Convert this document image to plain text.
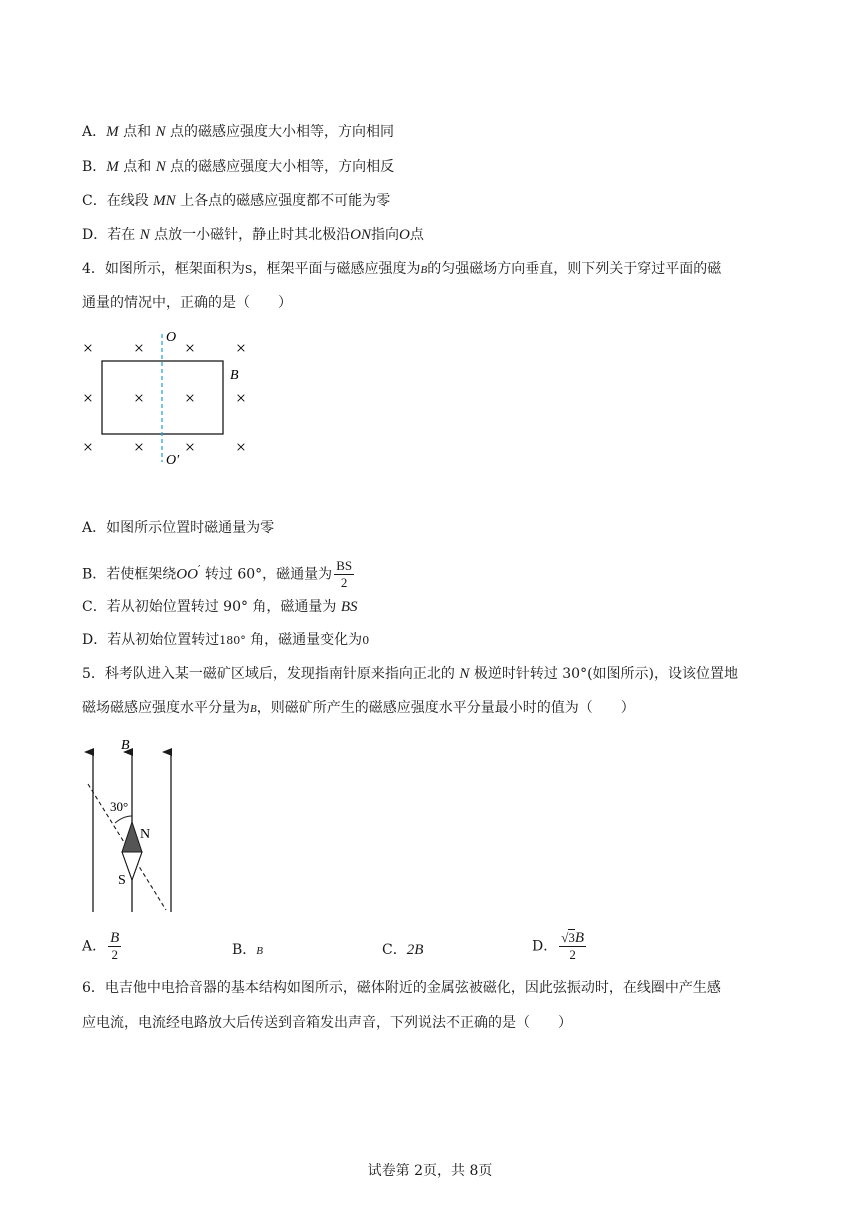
A．M 点和 N 点的磁感应强度大小相等，方向相同
B．M 点和 N 点的磁感应强度大小相等，方向相反
C．在线段 MN 上各点的磁感应强度都不可能为零
D．若在 N 点放一小磁针，静止时其北极沿ON指向O点
4．如图所示，框架面积为S，框架平面与磁感应强度为B的匀强磁场方向垂直，则下列关于穿过平面的磁
通量的情况中，正确的是（　　）
× × × ×
× × × ×
× × × ×
O
O′
B
A．如图所示位置时磁通量为零
B．若使框架绕OO′ 转过 60°，磁通量为 $\frac{BS}{2}$
C．若从初始位置转过 90° 角，磁通量为 BS
D．若从初始位置转过180° 角，磁通量变化为0
5．科考队进入某一磁矿区域后，发现指南针原来指向正北的 N 极逆时针转过 30°(如图所示)，设该位置地
磁场磁感应强度水平分量为B，则磁矿所产生的磁感应强度水平分量最小时的值为（　　）
B
30°
N
S
A． $\frac{B}{2}$	B．B	C．2B	D． $\frac{√3B}{2}$
6．电吉他中电拾音器的基本结构如图所示，磁体附近的金属弦被磁化，因此弦振动时，在线圈中产生感
应电流，电流经电路放大后传送到音箱发出声音，下列说法不正确的是（　　）
试卷第 2页，共 8页
